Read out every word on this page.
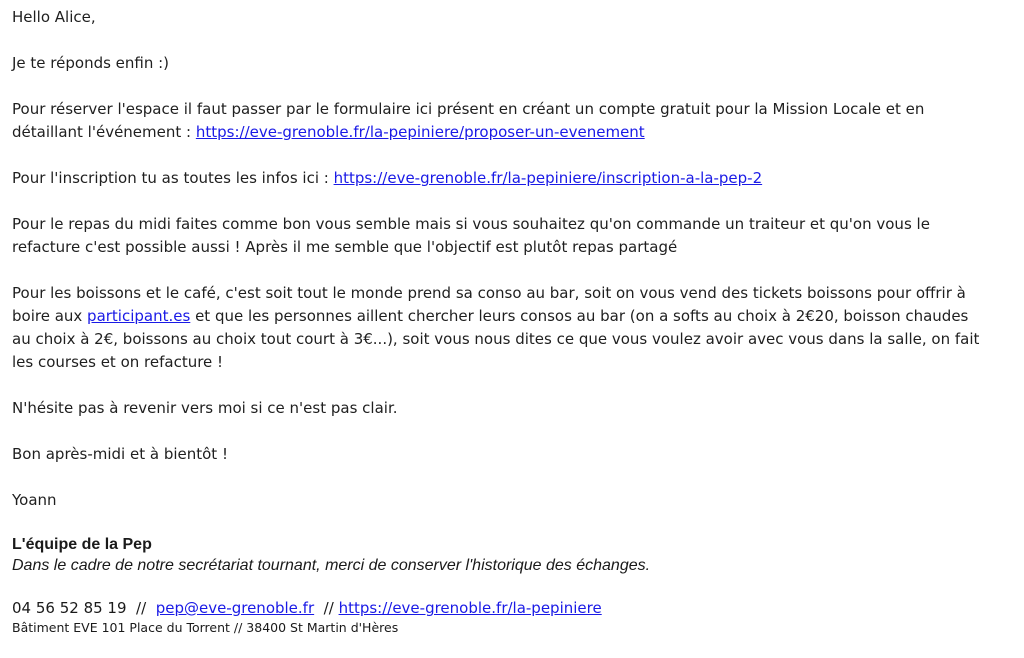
Hello Alice,

Je te réponds enfin :)

Pour réserver l'espace il faut passer par le formulaire ici présent en créant un compte gratuit pour la Mission Locale et en
détaillant l'événement : https://eve-grenoble.fr/la-pepiniere/proposer-un-evenement

Pour l'inscription tu as toutes les infos ici : https://eve-grenoble.fr/la-pepiniere/inscription-a-la-pep-2

Pour le repas du midi faites comme bon vous semble mais si vous souhaitez qu'on commande un traiteur et qu'on vous le
refacture c'est possible aussi ! Après il me semble que l'objectif est plutôt repas partagé

Pour les boissons et le café, c'est soit tout le monde prend sa conso au bar, soit on vous vend des tickets boissons pour offrir à
boire aux participant.es et que les personnes aillent chercher leurs consos au bar (on a softs au choix à 2€20, boisson chaudes
au choix à 2€, boissons au choix tout court à 3€...), soit vous nous dites ce que vous voulez avoir avec vous dans la salle, on fait
les courses et on refacture !

N'hésite pas à revenir vers moi si ce n'est pas clair.

Bon après-midi et à bientôt !

Yoann

L'équipe de la Pep
Dans le cadre de notre secrétariat tournant, merci de conserver l'historique des échanges.
04 56 52 85 19  //  pep@eve-grenoble.fr  // https://eve-grenoble.fr/la-pepiniere
Bâtiment EVE 101 Place du Torrent // 38400 St Martin d'Hères
